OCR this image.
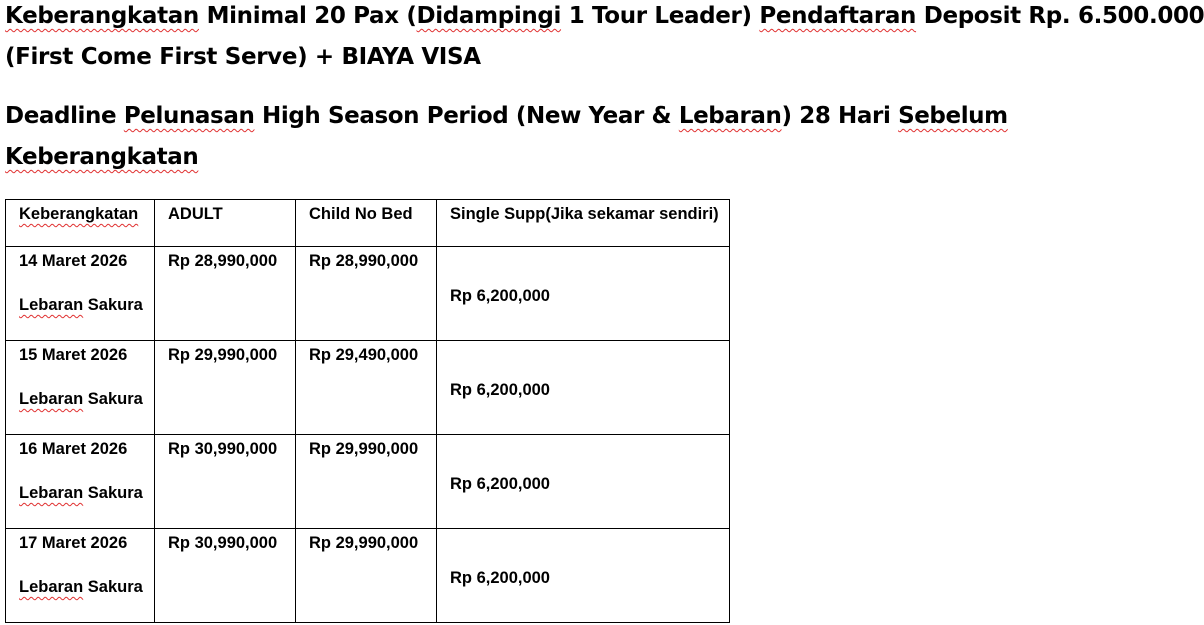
Keberangkatan Minimal 20 Pax (Didampingi 1 Tour Leader) Pendaftaran Deposit Rp. 6.500.000
(First Come First Serve) + BIAYA VISA

Deadline Pelunasan High Season Period (New Year & Lebaran) 28 Hari Sebelum
Keberangkatan

Keberangkatan	ADULT	Child No Bed	Single Supp(Jika sekamar sendiri)

14 Maret 2026
Lebaran Sakura	Rp 28,990,000	Rp 28,990,000	Rp 6,200,000

15 Maret 2026
Lebaran Sakura	Rp 29,990,000	Rp 29,490,000	Rp 6,200,000

16 Maret 2026
Lebaran Sakura	Rp 30,990,000	Rp 29,990,000	Rp 6,200,000

17 Maret 2026
Lebaran Sakura	Rp 30,990,000	Rp 29,990,000	Rp 6,200,000
